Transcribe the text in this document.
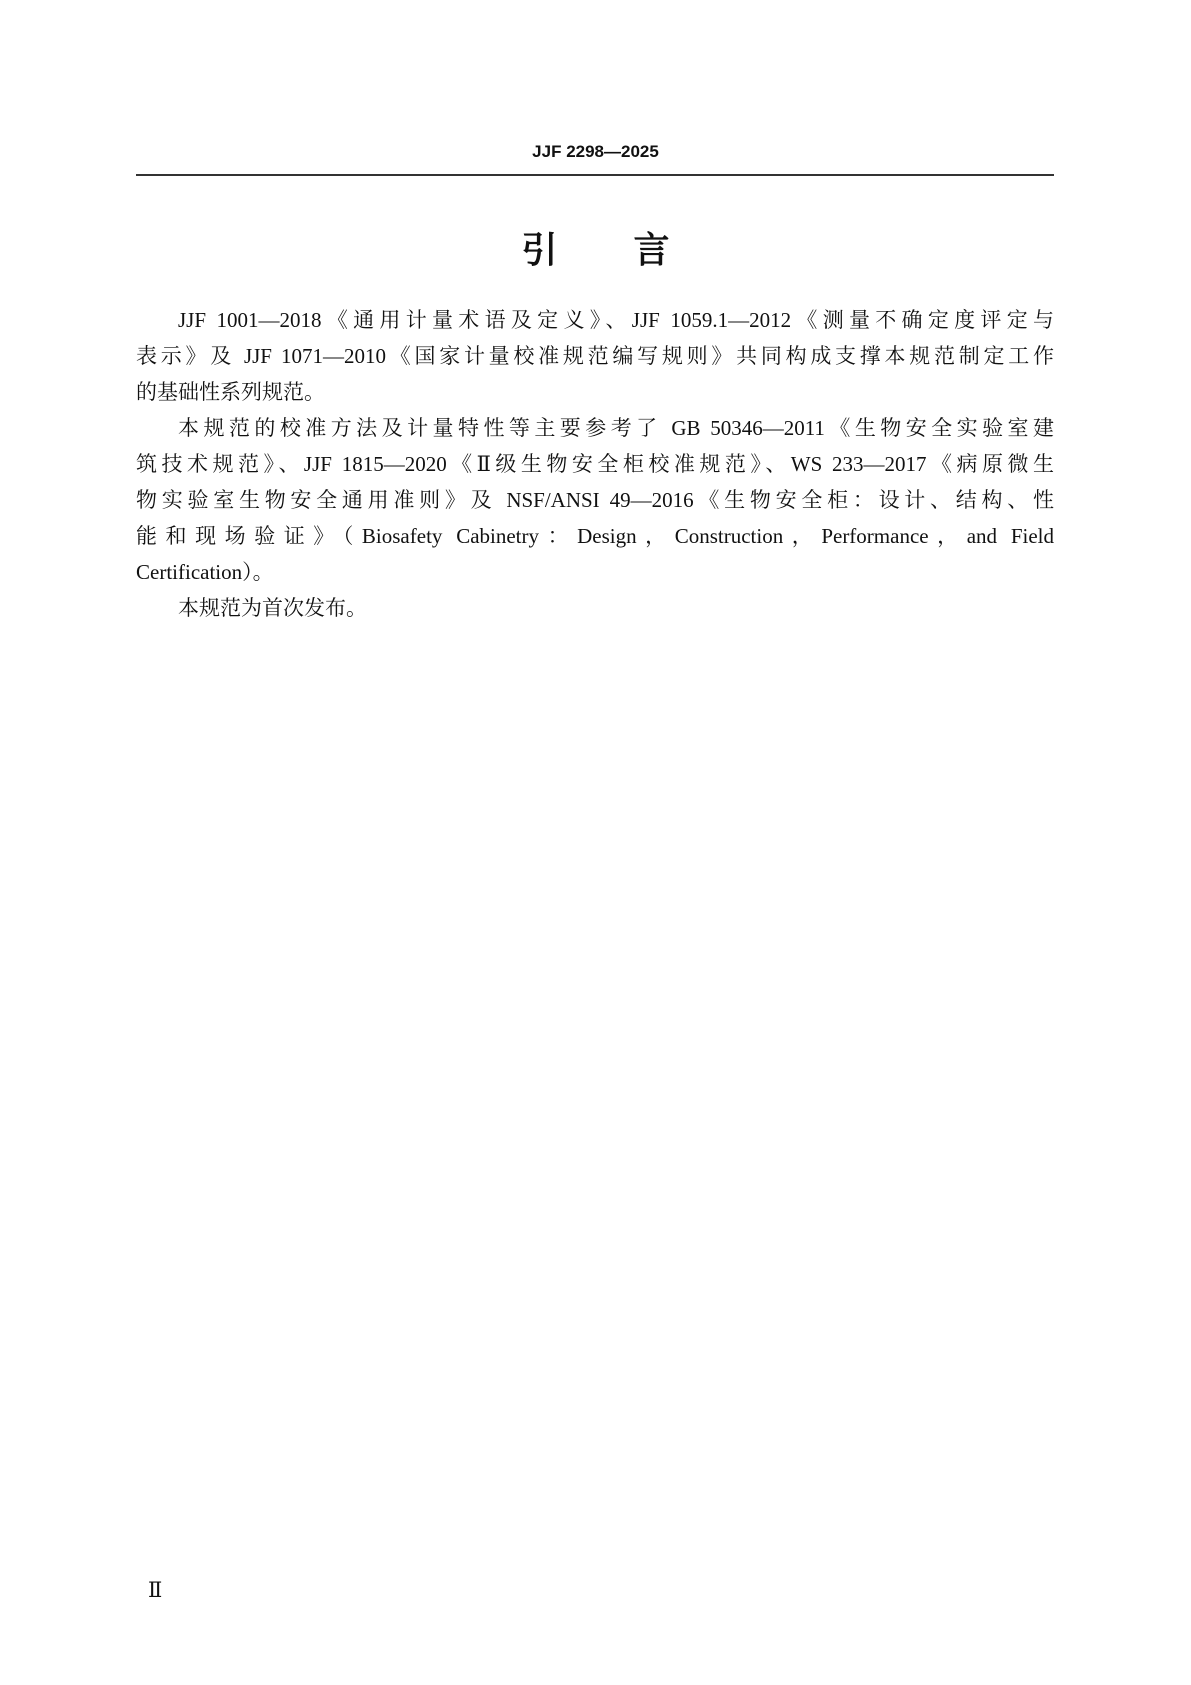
JJF 2298—2025
引 言
JJF 1001—2018《通用计量术语及定义》、JJF 1059.1—2012《测量不确定度评定与
表示》及 JJF 1071—2010《国家计量校准规范编写规则》共同构成支撑本规范制定工作
的基础性系列规范。
本规范的校准方法及计量特性等主要参考了 GB 50346—2011《生物安全实验室建
筑技术规范》、JJF 1815—2020《Ⅱ级生物安全柜校准规范》、WS 233—2017《病原微生
物实验室生物安全通用准则》及 NSF/ANSI 49—2016《生物安全柜：设计、结构、性
能和现场验证》（Biosafety Cabinetry：Design，Construction，Performance，and Field
Certification）。
本规范为首次发布。
Ⅱ
